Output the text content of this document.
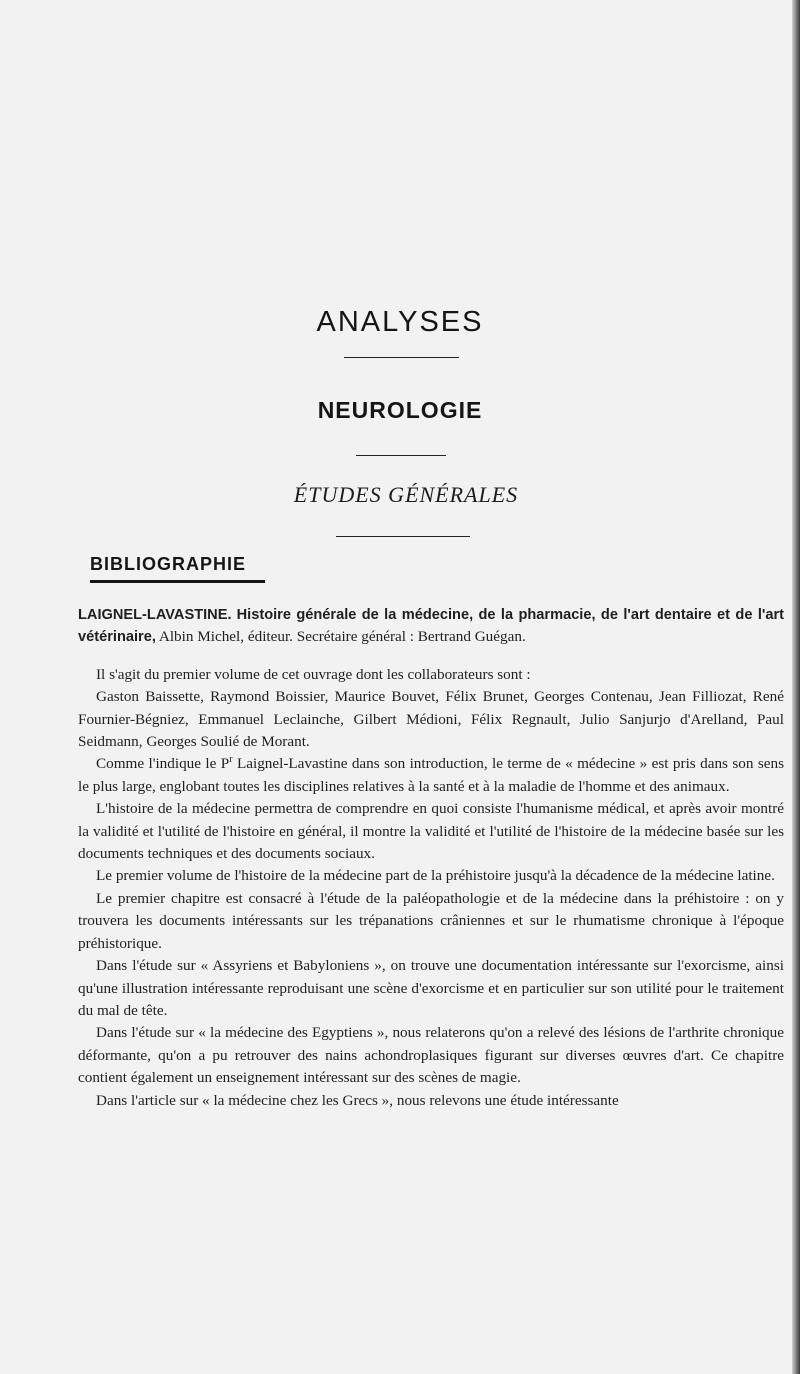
ANALYSES
NEUROLOGIE
ÉTUDES GÉNÉRALES
BIBLIOGRAPHIE

LAIGNEL-LAVASTINE. Histoire générale de la médecine, de la pharmacie, de l'art dentaire et de l'art vétérinaire, Albin Michel, éditeur. Secrétaire général : Bertrand Guégan.

Il s'agit du premier volume de cet ouvrage dont les collaborateurs sont :

Gaston Baissette, Raymond Boissier, Maurice Bouvet, Félix Brunet, Georges Contenau, Jean Filliozat, René Fournier-Bégniez, Emmanuel Leclainche, Gilbert Médioni, Félix Regnault, Julio Sanjurjo d'Arelland, Paul Seidmann, Georges Soulié de Morant.

Comme l'indique le $P^r$ Laignel-Lavastine dans son introduction, le terme de « médecine » est pris dans son sens le plus large, englobant toutes les disciplines relatives à la santé et à la maladie de l'homme et des animaux.

L'histoire de la médecine permettra de comprendre en quoi consiste l'humanisme médical, et après avoir montré la validité et l'utilité de l'histoire en général, il montre la validité et l'utilité de l'histoire de la médecine basée sur les documents techniques et des documents sociaux.

Le premier volume de l'histoire de la médecine part de la préhistoire jusqu'à la décadence de la médecine latine.

Le premier chapitre est consacré à l'étude de la paléopathologie et de la médecine dans la préhistoire : on y trouvera les documents intéressants sur les trépanations crâniennes et sur le rhumatisme chronique à l'époque préhistorique.

Dans l'étude sur « Assyriens et Babyloniens », on trouve une documentation intéressante sur l'exorcisme, ainsi qu'une illustration intéressante reproduisant une scène d'exorcisme et en particulier sur son utilité pour le traitement du mal de tête.

Dans l'étude sur « la médecine des Egyptiens », nous relaterons qu'on a relevé des lésions de l'arthrite chronique déformante, qu'on a pu retrouver des nains achondroplasiques figurant sur diverses œuvres d'art. Ce chapitre contient également un enseignement intéressant sur des scènes de magie.

Dans l'article sur « la médecine chez les Grecs », nous relevons une étude intéressante
